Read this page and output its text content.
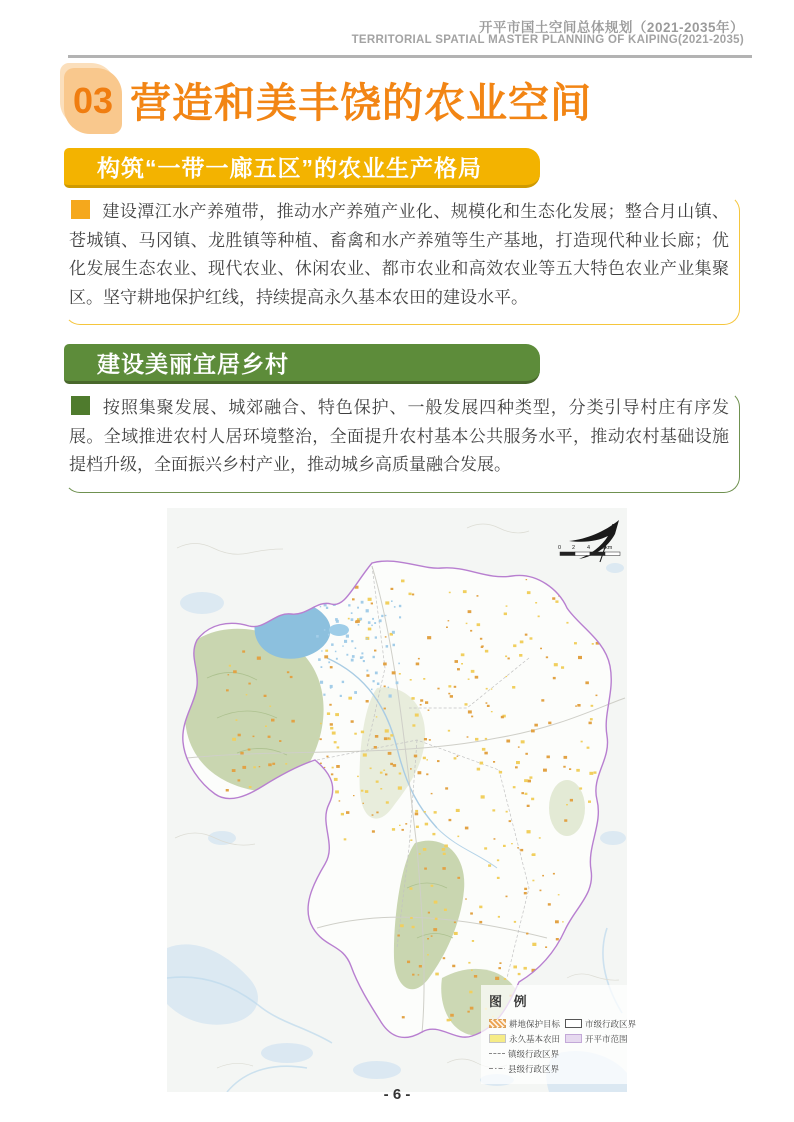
开平市国土空间总体规划（2021-2035年）
TERRITORIAL SPATIAL MASTER PLANNING OF KAIPING(2021-2035)
03 营造和美丰饶的农业空间
构筑“一带一廊五区”的农业生产格局
建设潭江水产养殖带，推动水产养殖产业化、规模化和生态化发展；整合月山镇、苍城镇、马冈镇、龙胜镇等种植、畜禽和水产养殖等生产基地，打造现代种业长廊；优化发展生态农业、现代农业、休闲农业、都市农业和高效农业等五大特色农业产业集聚区。坚守耕地保护红线，持续提高永久基本农田的建设水平。
建设美丽宜居乡村
按照集聚发展、城郊融合、特色保护、一般发展四种类型，分类引导村庄有序发展。全域推进农村人居环境整治，全面提升农村基本公共服务水平，推动农村基础设施提档升级，全面振兴乡村产业，推动城乡高质量融合发展。
0 2 4 6km
图 例
耕地保护目标
永久基本农田
镇级行政区界
县级行政区界
市级行政区界
开平市范围
- 6 -
